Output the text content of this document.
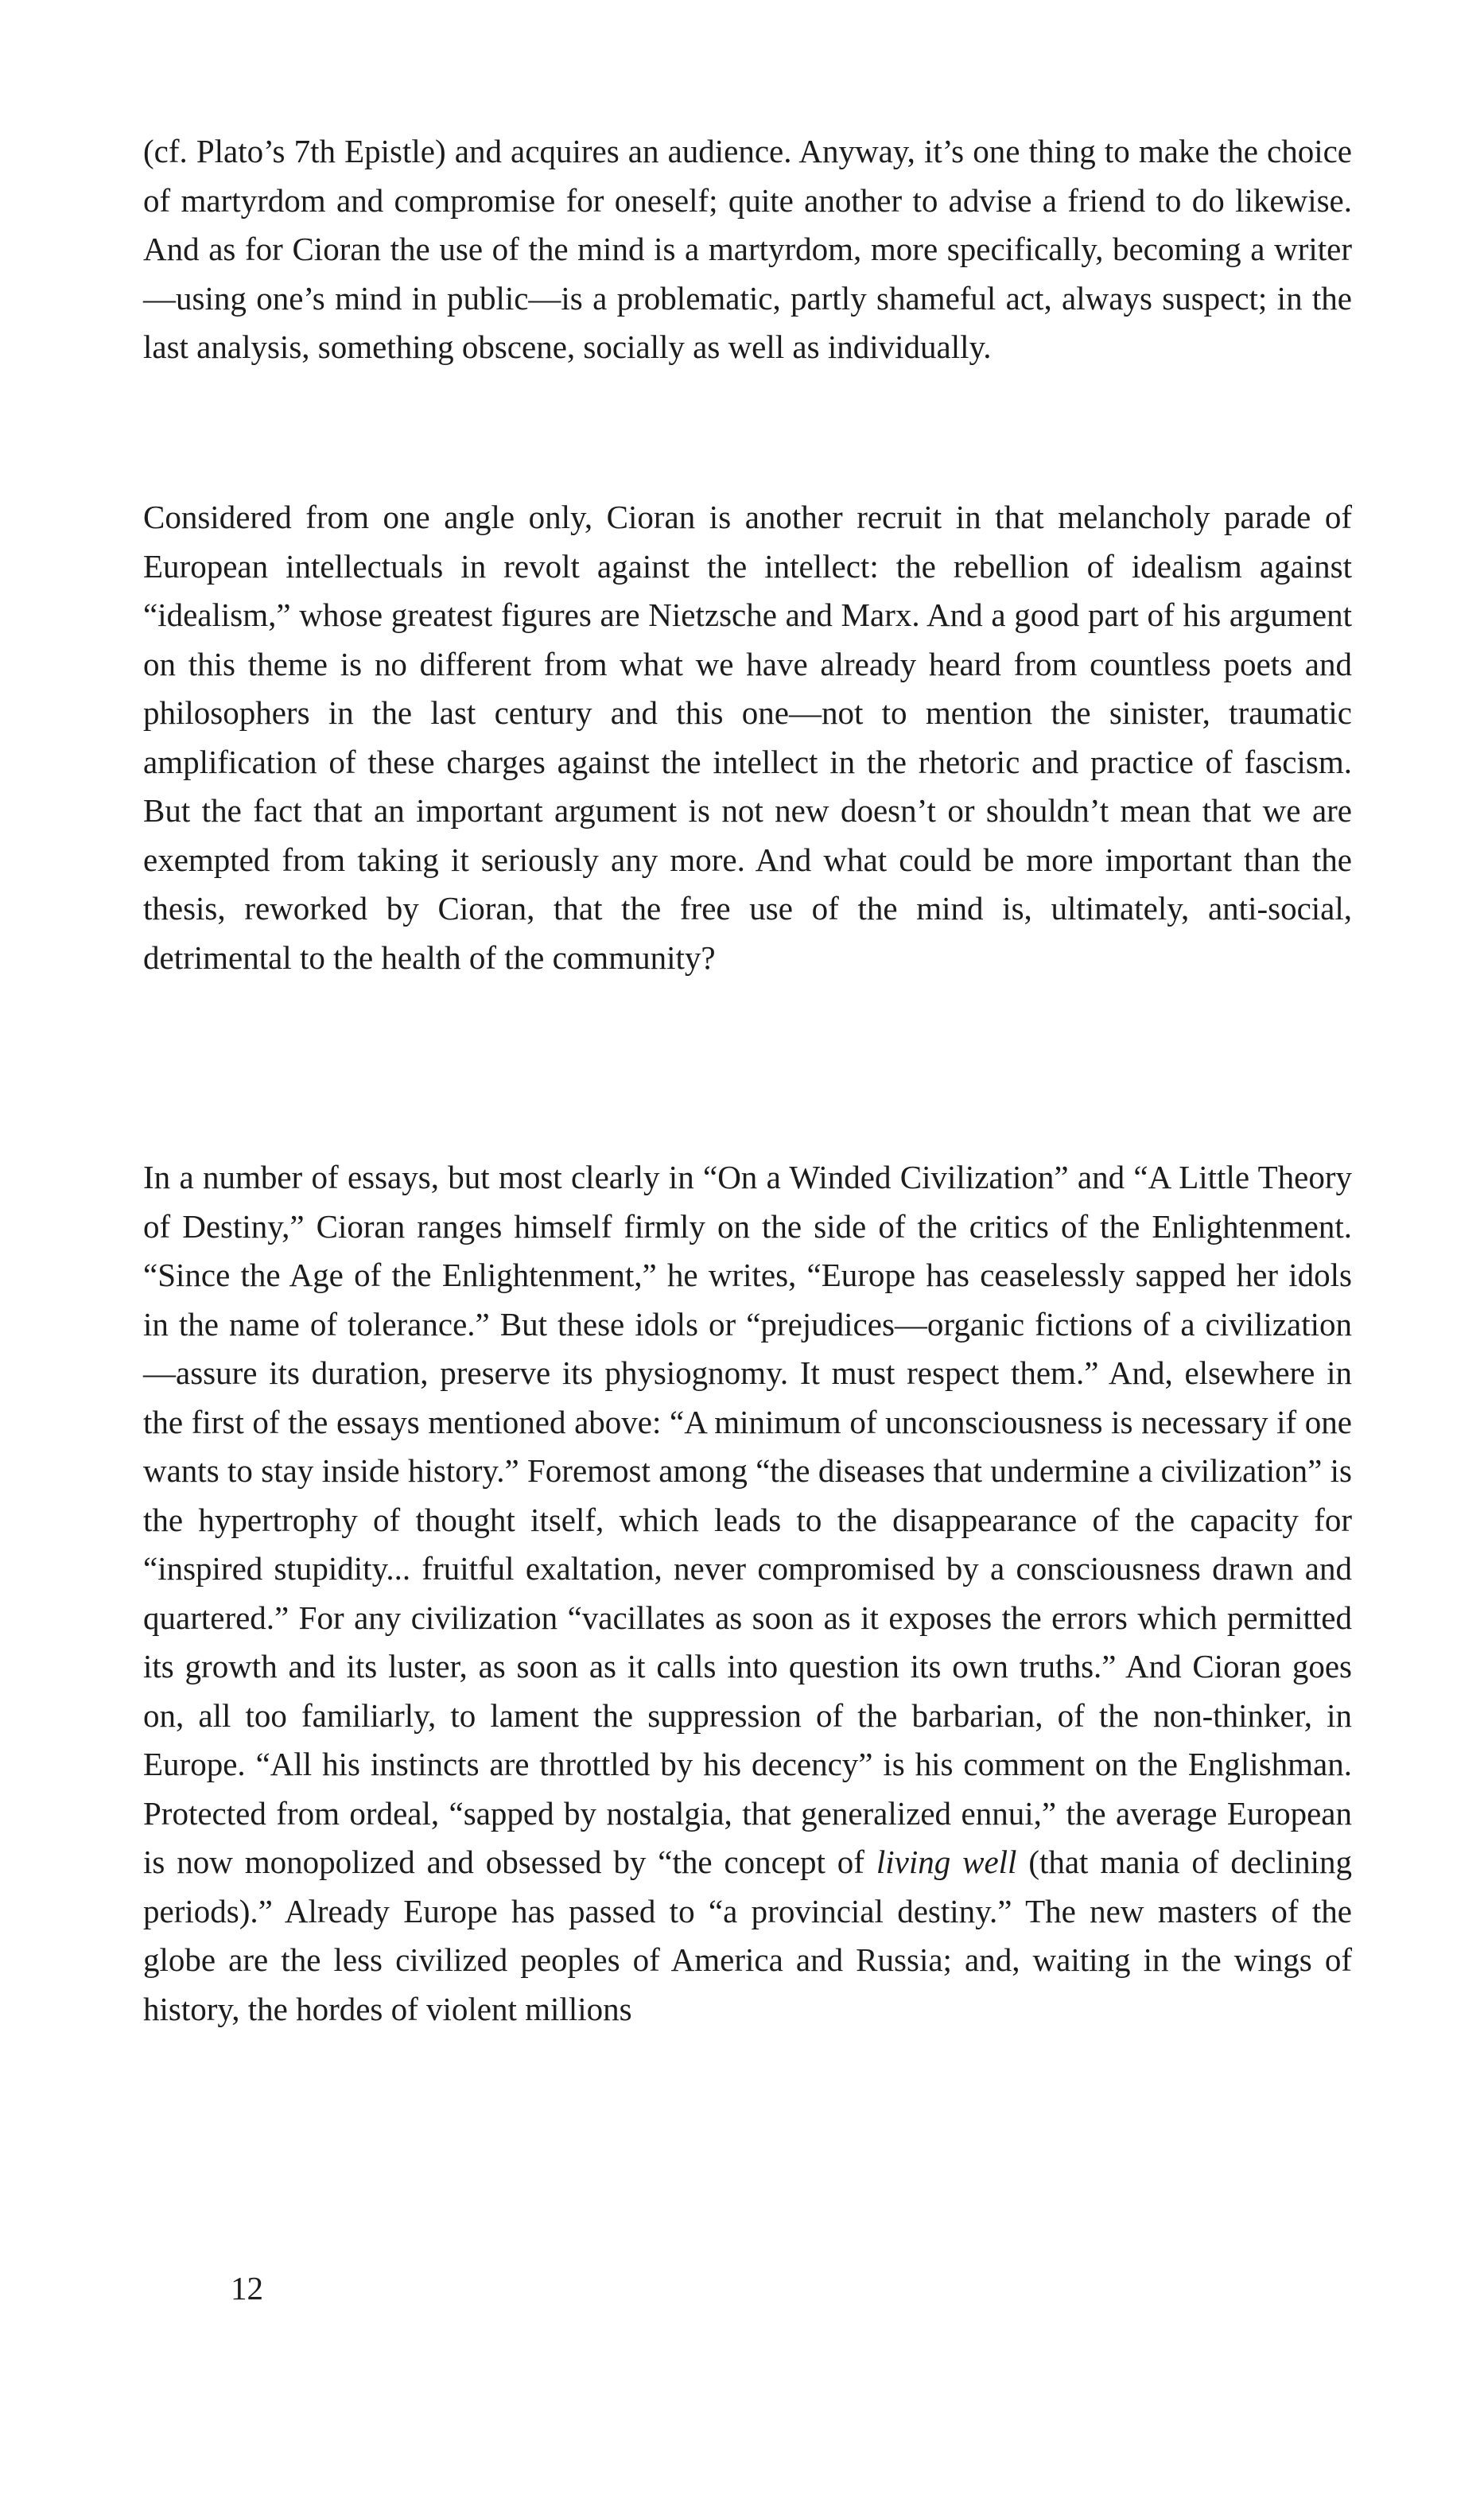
(cf. Plato’s 7th Epistle) and acquires an audience. Anyway, it’s one thing to make the choice of martyrdom and compromise for oneself; quite another to advise a friend to do likewise. And as for Cioran the use of the mind is a martyrdom, more specifically, becoming a writer—using one’s mind in public—is a problematic, partly shameful act, always suspect; in the last analysis, something obscene, socially as well as individually.

Considered from one angle only, Cioran is another recruit in that melancholy parade of European intellectuals in revolt against the intellect: the rebellion of idealism against “idealism,” whose greatest figures are Nietzsche and Marx. And a good part of his argument on this theme is no different from what we have already heard from countless poets and philosophers in the last century and this one—not to mention the sinister, traumatic amplification of these charges against the intellect in the rhetoric and practice of fascism. But the fact that an important argument is not new doesn’t or shouldn’t mean that we are exempted from taking it seriously any more. And what could be more important than the thesis, reworked by Cioran, that the free use of the mind is, ultimately, anti-social, detrimental to the health of the community?

In a number of essays, but most clearly in “On a Winded Civilization” and “A Little Theory of Destiny,” Cioran ranges himself firmly on the side of the critics of the Enlightenment. “Since the Age of the Enlightenment,” he writes, “Europe has ceaselessly sapped her idols in the name of tolerance.” But these idols or “prejudices—organic fictions of a civilization—assure its duration, preserve its physiognomy. It must respect them.” And, elsewhere in the first of the essays mentioned above: “A minimum of unconsciousness is necessary if one wants to stay inside history.” Foremost among “the diseases that undermine a civilization” is the hypertrophy of thought itself, which leads to the disappearance of the capacity for “inspired stupidity... fruitful exaltation, never compromised by a consciousness drawn and quartered.” For any civilization “vacillates as soon as it exposes the errors which permitted its growth and its luster, as soon as it calls into question its own truths.” And Cioran goes on, all too familiarly, to lament the suppression of the barbarian, of the non-thinker, in Europe. “All his instincts are throttled by his decency” is his comment on the Englishman. Protected from ordeal, “sapped by nostalgia, that generalized ennui,” the average European is now monopolized and obsessed by “the concept of living well (that mania of declining periods).” Already Europe has passed to “a provincial destiny.” The new masters of the globe are the less civilized peoples of America and Russia; and, waiting in the wings of history, the hordes of violent millions

12
